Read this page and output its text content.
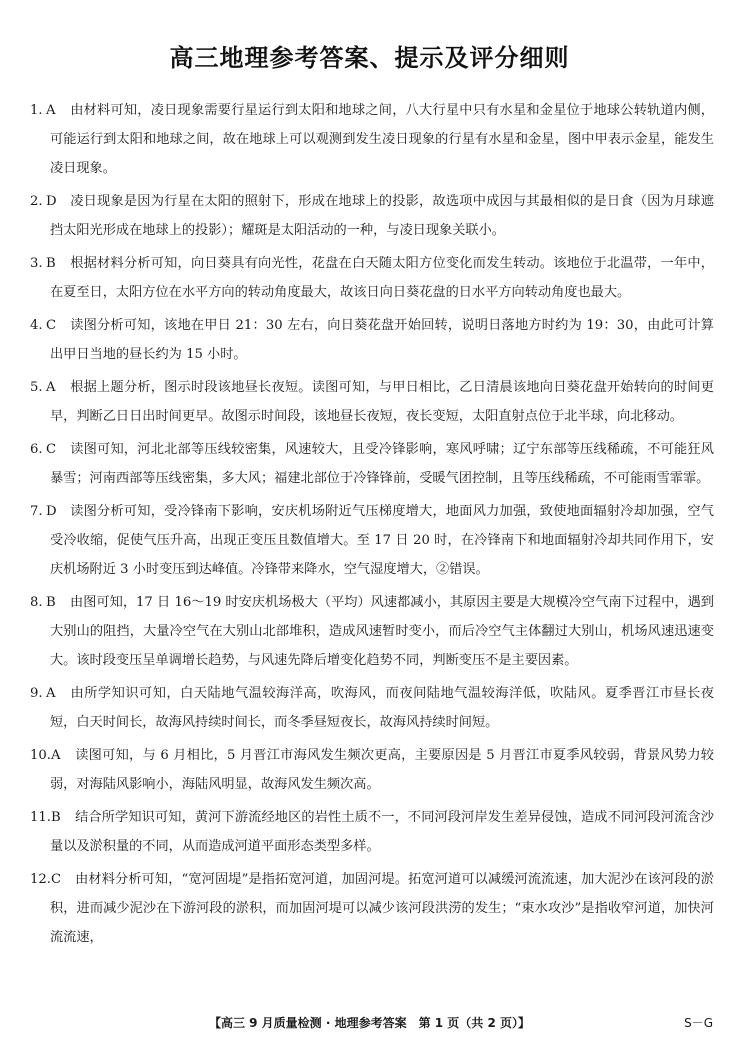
高三地理参考答案、提示及评分细则
1. A 由材料可知，凌日现象需要行星运行到太阳和地球之间，八大行星中只有水星和金星位于地球公转轨道内侧，可能运行到太阳和地球之间，故在地球上可以观测到发生凌日现象的行星有水星和金星，图中甲表示金星，能发生凌日现象。
2. D 凌日现象是因为行星在太阳的照射下，形成在地球上的投影，故选项中成因与其最相似的是日食（因为月球遮挡太阳光形成在地球上的投影）；耀斑是太阳活动的一种，与凌日现象关联小。
3. B 根据材料分析可知，向日葵具有向光性，花盘在白天随太阳方位变化而发生转动。该地位于北温带，一年中，在夏至日，太阳方位在水平方向的转动角度最大，故该日向日葵花盘的日水平方向转动角度也最大。
4. C 读图分析可知，该地在甲日 21：30 左右，向日葵花盘开始回转，说明日落地方时约为 19：30，由此可计算出甲日当地的昼长约为 15 小时。
5. A 根据上题分析，图示时段该地昼长夜短。读图可知，与甲日相比，乙日清晨该地向日葵花盘开始转向的时间更早，判断乙日日出时间更早。故图示时间段，该地昼长夜短，夜长变短，太阳直射点位于北半球，向北移动。
6. C 读图可知，河北北部等压线较密集，风速较大，且受冷锋影响，寒风呼啸；辽宁东部等压线稀疏，不可能狂风暴雪；河南西部等压线密集，多大风；福建北部位于冷锋锋前，受暖气团控制，且等压线稀疏，不可能雨雪霏霏。
7. D 读图分析可知，受冷锋南下影响，安庆机场附近气压梯度增大，地面风力加强，致使地面辐射冷却加强，空气受冷收缩，促使气压升高，出现正变压且数值增大。至 17 日 20 时，在冷锋南下和地面辐射冷却共同作用下，安庆机场附近 3 小时变压到达峰值。冷锋带来降水，空气湿度增大，②错误。
8. B 由图可知，17 日 16～19 时安庆机场极大（平均）风速都减小，其原因主要是大规模冷空气南下过程中，遇到大别山的阻挡，大量冷空气在大别山北部堆积，造成风速暂时变小，而后冷空气主体翻过大别山，机场风速迅速变大。该时段变压呈单调增长趋势，与风速先降后增变化趋势不同，判断变压不是主要因素。
9. A 由所学知识可知，白天陆地气温较海洋高，吹海风，而夜间陆地气温较海洋低，吹陆风。夏季晋江市昼长夜短，白天时间长，故海风持续时间长，而冬季昼短夜长，故海风持续时间短。
10.A 读图可知，与 6 月相比，5 月晋江市海风发生频次更高，主要原因是 5 月晋江市夏季风较弱，背景风势力较弱，对海陆风影响小，海陆风明显，故海风发生频次高。
11.B 结合所学知识可知，黄河下游流经地区的岩性土质不一，不同河段河岸发生差异侵蚀，造成不同河段河流含沙量以及淤积量的不同，从而造成河道平面形态类型多样。
12.C 由材料分析可知，“宽河固堤”是指拓宽河道，加固河堤。拓宽河道可以减缓河流流速，加大泥沙在该河段的淤积，进而减少泥沙在下游河段的淤积，而加固河堤可以减少该河段洪涝的发生；“束水攻沙”是指收窄河道，加快河流流速，
【高三 9 月质量检测 · 地理参考答案　第 1 页（共 2 页）】	S－G
